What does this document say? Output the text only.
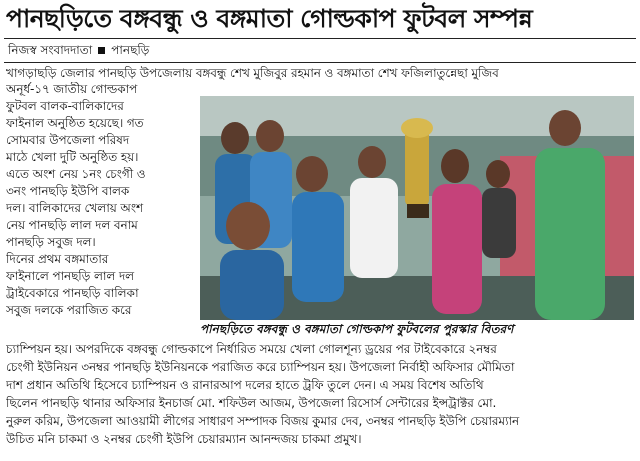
পানছড়িতে বঙ্গবন্ধু ও বঙ্গমাতা গোল্ডকাপ ফুটবল সম্পন্ন
নিজস্ব সংবাদদাতা পানছড়ি
খাগড়াছড়ি জেলার পানছড়ি উপজেলায় বঙ্গবন্ধু শেখ মুজিবুর রহমান ও বঙ্গমাতা শেখ ফজিলাতুন্নেছা মুজিব
অনূর্ধ-১৭ জাতীয় গোল্ডকাপ
ফুটবল বালক-বালিকাদের
ফাইনাল অনুষ্ঠিত হয়েছে। গত
সোমবার উপজেলা পরিষদ
মাঠে খেলা দুটি অনুষ্ঠিত হয়।
এতে অংশ নেয় ১নং চেংগী ও
৩নং পানছড়ি ইউপি বালক
দল। বালিকাদের খেলায় অংশ
নেয় পানছড়ি লাল দল বনাম
পানছড়ি সবুজ দল।
দিনের প্রথম বঙ্গমাতার
ফাইনালে পানছড়ি লাল দল
ট্রাইবেকারে পানছড়ি বালিকা
সবুজ দলকে পরাজিত করে
পানছড়িতে বঙ্গবন্ধু ও বঙ্গমাতা গোল্ডকাপ ফুটবলের পুরস্কার বিতরণ
চ্যাম্পিয়ন হয়। অপরদিকে বঙ্গবন্ধু গোল্ডকাপে নির্ধারিত সময়ে খেলা গোলশূন্য ড্রয়ের পর টাইবেকারে ২নম্বর
চেংগী ইউনিয়ন ৩নম্বর পানছড়ি ইউনিয়নকে পরাজিত করে চ্যাম্পিয়ন হয়। উপজেলা নির্বাহী অফিসার মৌমিতা
দাশ প্রধান অতিথি হিসেবে চ্যাম্পিয়ন ও রানারআপ দলের হাতে ট্রফি তুলে দেন। এ সময় বিশেষ অতিথি
ছিলেন পানছড়ি থানার অফিসার ইনচার্জ মো. শফিউল আজম, উপজেলা রিসোর্স সেন্টারের ইন্সট্রাক্টর মো.
নুরুল করিম, উপজেলা আওয়ামী লীগের সাধারণ সম্পাদক বিজয় কুমার দেব, ৩নম্বর পানছড়ি ইউপি চেয়ারম্যান
উচিত মনি চাকমা ও ২নম্বর চেংগী ইউপি চেয়ারম্যান আনন্দজয় চাকমা প্রমুখ।
